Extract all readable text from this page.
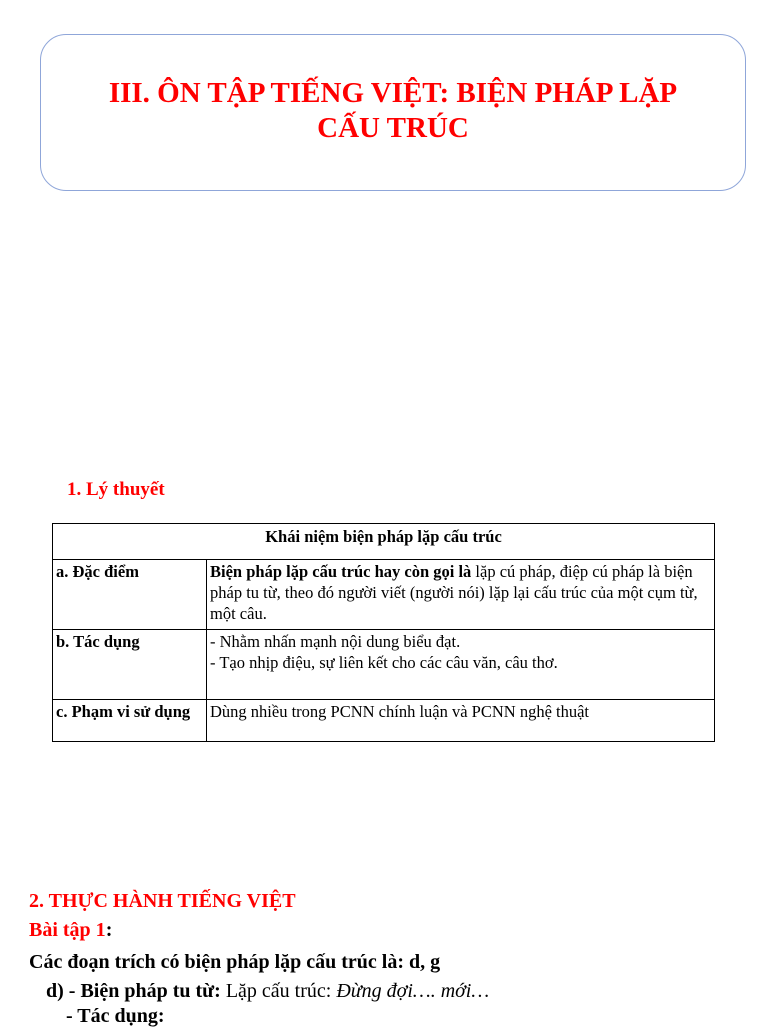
III. ÔN TẬP TIẾNG VIỆT: BIỆN PHÁP LẶP
CẤU TRÚC
1. Lý thuyết
Khái niệm biện pháp lặp cấu trúc	
a. Đặc điểm	Biện pháp lặp cấu trúc hay còn gọi là lặp cú pháp, điệp cú pháp là biện pháp tu từ, theo đó người viết (người nói) lặp lại cấu trúc của một cụm từ, một câu.
b. Tác dụng	- Nhằm nhấn mạnh nội dung biểu đạt.
- Tạo nhịp điệu, sự liên kết cho các câu văn, câu thơ.

c. Phạm vi sử dụng	Dùng nhiều trong PCNN chính luận và PCNN nghệ thuật
2. THỰC HÀNH TIẾNG VIỆT
Bài tập 1:
Các đoạn trích có biện pháp lặp cấu trúc là: d, g
d) - Biện pháp tu từ: Lặp cấu trúc: Đừng đợi…. mới…
- Tác dụng:
